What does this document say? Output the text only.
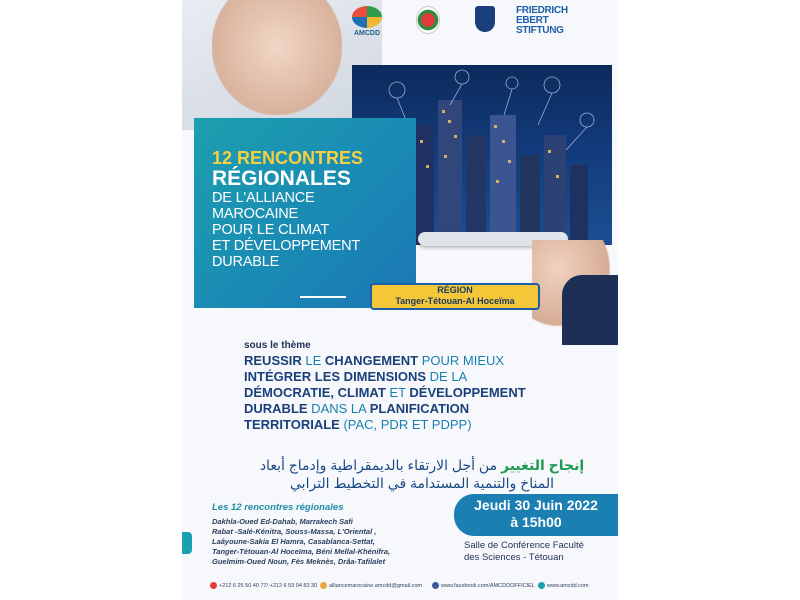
AMCDD
FRIEDRICH
EBERT
STIFTUNG
12 RENCONTRES
RÉGIONALES
DE L'ALLIANCE
MAROCAINE
POUR LE CLIMAT
ET DÉVELOPPEMENT
DURABLE
RÉGION
Tanger-Tétouan-Al Hoceïma
sous le thème
REUSSIR LE CHANGEMENT POUR MIEUX
INTÉGRER LES DIMENSIONS DE LA
DÉMOCRATIE, CLIMAT ET DÉVELOPPEMENT
DURABLE DANS LA PLANIFICATION
TERRITORIALE (PAC, PDR ET PDPP)
إنجاح التغيير من أجل الارتقاء بالديمقراطية وإدماج أبعاد
المناخ والتنمية المستدامة في التخطيط الترابي
Les 12 rencontres régionales
Dakhla-Oued Ed-Dahab, Marrakech Safi
Rabat -Salé-Kénitra, Souss-Massa, L'Oriental ,
Laâyoune-Sakia El Hamra, Casablanca-Settat,
Tanger-Tétouan-Al Hoceïma, Béni Mellal-Khénifra,
Guelmim-Oued Noun, Fès Meknès, Drâa-Tafilalet
Jeudi 30 Juin 2022
à 15h00
Salle de Conférence Faculté
des Sciences - Tétouan
+212 6 25 50 40 77/ +212 6 53 04 83 30	alliancemarocaine.amcdd@gmail.com	www.facebook.com/AMCDDOFFICIEL	www.amcdd.com
